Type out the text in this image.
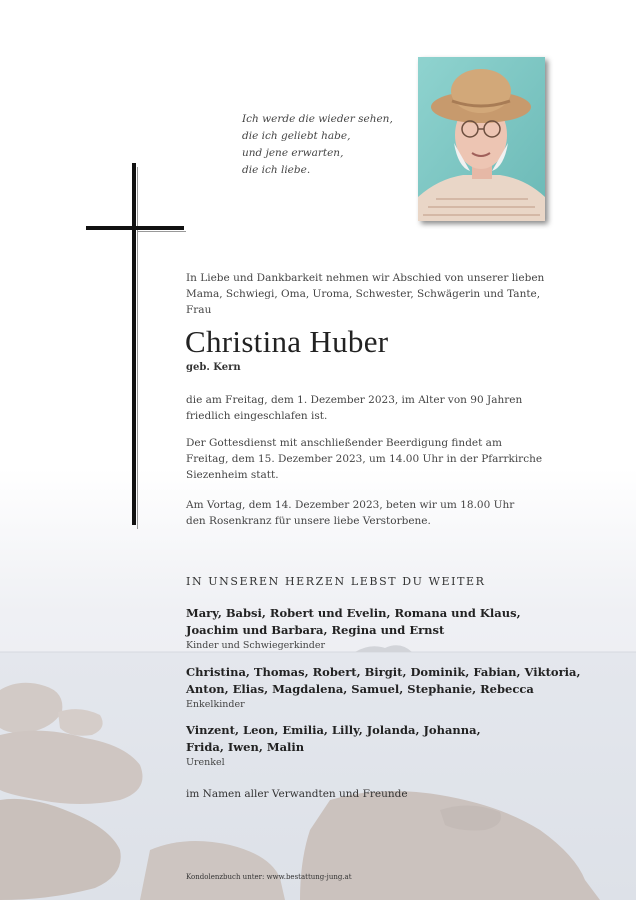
Ich werde die wieder sehen,
die ich geliebt habe,
und jene erwarten,
die ich liebe.
In Liebe und Dankbarkeit nehmen wir Abschied von unserer lieben
Mama, Schwiegi, Oma, Uroma, Schwester, Schwägerin und Tante,
Frau
Christina Huber
geb. Kern
die am Freitag, dem 1. Dezember 2023, im Alter von 90 Jahren
friedlich eingeschlafen ist.
Der Gottesdienst mit anschließender Beerdigung findet am
Freitag, dem 15. Dezember 2023, um 14.00 Uhr in der Pfarrkirche
Siezenheim statt.
Am Vortag, dem 14. Dezember 2023, beten wir um 18.00 Uhr
den Rosenkranz für unsere liebe Verstorbene.
IN UNSEREN HERZEN LEBST DU WEITER
Mary, Babsi, Robert und Evelin, Romana und Klaus,
Joachim und Barbara, Regina und Ernst
Kinder und Schwiegerkinder
Christina, Thomas, Robert, Birgit, Dominik, Fabian, Viktoria,
Anton, Elias, Magdalena, Samuel, Stephanie, Rebecca
Enkelkinder
Vinzent, Leon, Emilia, Lilly, Jolanda, Johanna,
Frida, Iwen, Malin
Urenkel
im Namen aller Verwandten und Freunde
Kondolenzbuch unter: www.bestattung-jung.at
